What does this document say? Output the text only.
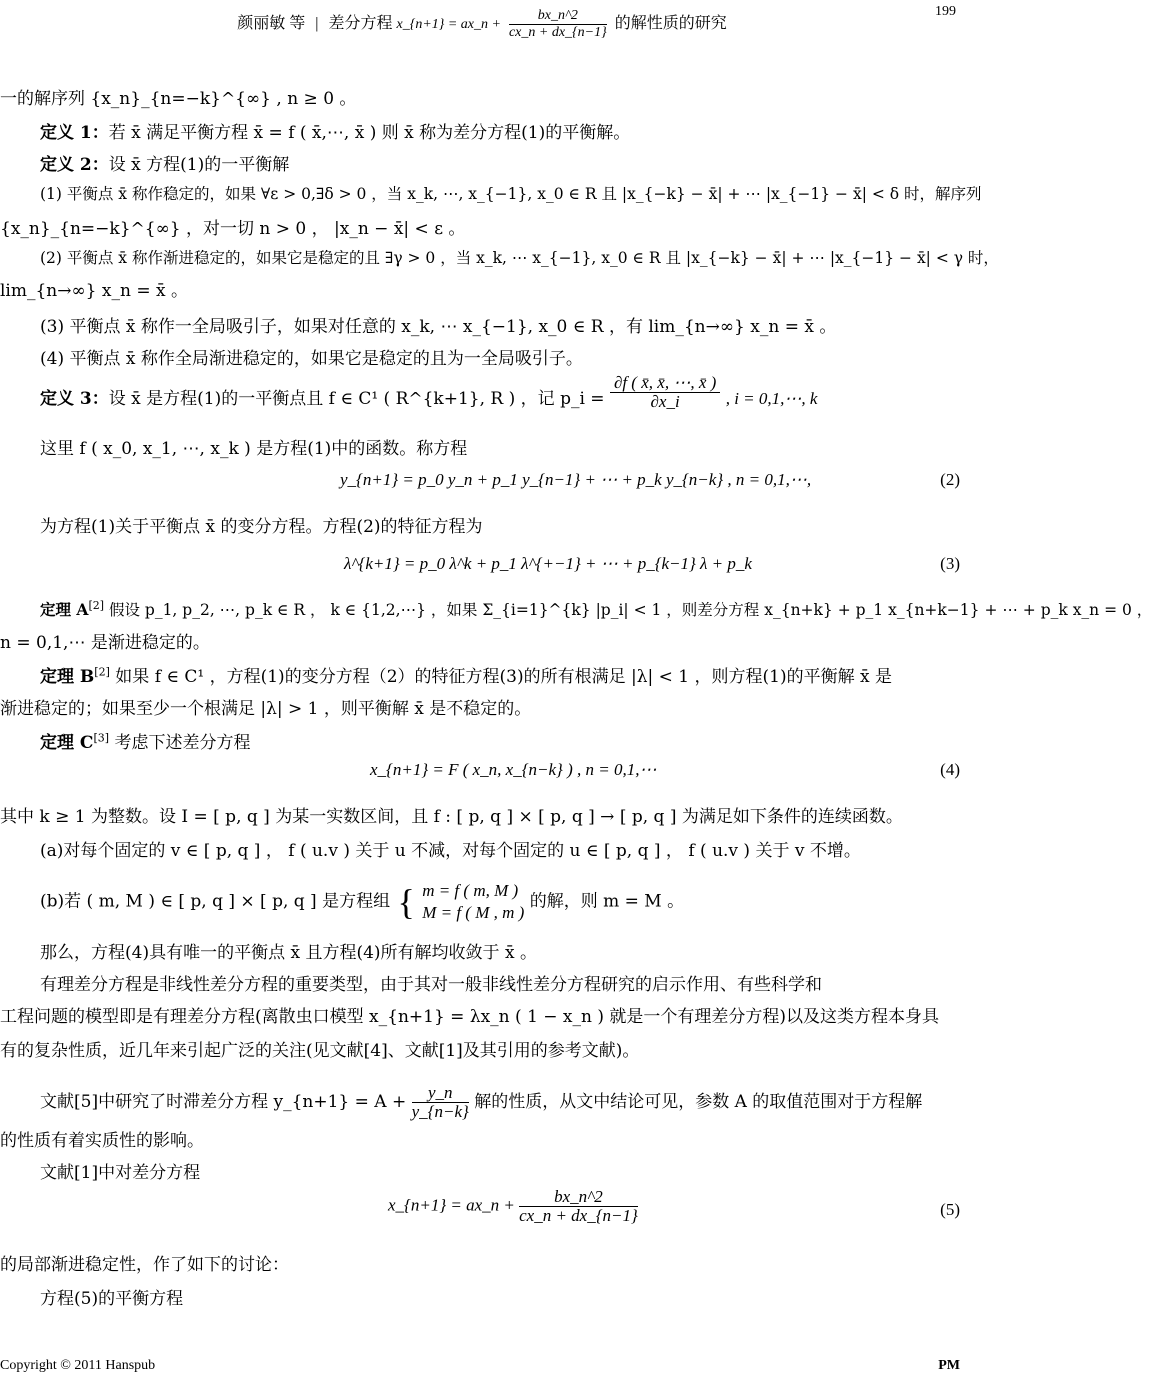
199
颜丽敏 等 | 差分方程 x_{n+1} = ax_n + $\frac{bx\_n\^{}2}{cx\_n + dx\_\{n-1\}}$ 的解性质的研究
一的解序列 {x_n}_{n=−k}^{∞} , n ≥ 0 。
定义 1：若 x̄ 满足平衡方程 x̄ = f ( x̄,⋯, x̄ ) 则 x̄ 称为差分方程(1)的平衡解。
定义 2：设 x̄ 方程(1)的一平衡解
(1) 平衡点 x̄ 称作稳定的，如果 ∀ε > 0,∃δ > 0 ，当 x_k, ⋯, x_{−1}, x_0 ∈ R 且 |x_{−k} − x̄| + ⋯ |x_{−1} − x̄| < δ 时，解序列
{x_n}_{n=−k}^{∞} ，对一切 n > 0 ， |x_n − x̄| < ε 。
(2) 平衡点 x̄ 称作渐进稳定的，如果它是稳定的且 ∃γ > 0 ，当 x_k, ⋯ x_{−1}, x_0 ∈ R 且 |x_{−k} − x̄| + ⋯ |x_{−1} − x̄| < γ 时，
lim_{n→∞} x_n = x̄ 。
(3) 平衡点 x̄ 称作一全局吸引子，如果对任意的 x_k, ⋯ x_{−1}, x_0 ∈ R ，有 lim_{n→∞} x_n = x̄ 。
(4) 平衡点 x̄ 称作全局渐进稳定的，如果它是稳定的且为一全局吸引子。
定义 3：设 x̄ 是方程(1)的一平衡点且 f ∈ C¹ ( R^{k+1}, R ) ，记 p_i = $\frac{\partial f ( x̄, x̄, \cdots, x̄ )}{\partial x\_i}$ , i = 0,1,⋯, k
这里 f ( x_0, x_1, ⋯, x_k ) 是方程(1)中的函数。称方程
y_{n+1} = p_0 y_n + p_1 y_{n−1} + ⋯ + p_k y_{n−k} , n = 0,1,⋯,	(2)
为方程(1)关于平衡点 x̄ 的变分方程。方程(2)的特征方程为
λ^{k+1} = p_0 λ^k + p_1 λ^{+−1} + ⋯ + p_{k−1} λ + p_k	(3)
定理 A[2] 假设 p_1, p_2, ⋯, p_k ∈ R ， k ∈ {1,2,⋯} ，如果 Σ_{i=1}^{k} |p_i| < 1 ，则差分方程 x_{n+k} + p_1 x_{n+k−1} + ⋯ + p_k x_n = 0 ，
n = 0,1,⋯ 是渐进稳定的。
定理 B[2] 如果 f ∈ C¹ ，方程(1)的变分方程（2）的特征方程(3)的所有根满足 |λ| < 1 ，则方程(1)的平衡解 x̄ 是
渐进稳定的；如果至少一个根满足 |λ| > 1 ，则平衡解 x̄ 是不稳定的。
定理 C[3] 考虑下述差分方程
x_{n+1} = F ( x_n, x_{n−k} ) , n = 0,1,⋯	(4)
其中 k ≥ 1 为整数。设 I = [ p, q ] 为某一实数区间，且 f : [ p, q ] × [ p, q ] → [ p, q ] 为满足如下条件的连续函数。
(a)对每个固定的 v ∈ [ p, q ] ， f ( u.v ) 关于 u 不减，对每个固定的 u ∈ [ p, q ] ， f ( u.v ) 关于 v 不增。
(b)若 ( m, M ) ∈ [ p, q ] × [ p, q ] 是方程组 { m = f ( m, M )
M = f ( M , m )
的解，则 m = M 。
那么，方程(4)具有唯一的平衡点 x̄ 且方程(4)所有解均收敛于 x̄ 。
有理差分方程是非线性差分方程的重要类型，由于其对一般非线性差分方程研究的启示作用、有些科学和
工程问题的模型即是有理差分方程(离散虫口模型 x_{n+1} = λx_n ( 1 − x_n ) 就是一个有理差分方程)以及这类方程本身具
有的复杂性质，近几年来引起广泛的关注(见文献[4]、文献[1]及其引用的参考文献)。
文献[5]中研究了时滞差分方程 y_{n+1} = $A + \frac{y\_n}{y\_\{n-k\}}$ 解的性质，从文中结论可见，参数 A 的取值范围对于方程解
的性质有着实质性的影响。
文献[1]中对差分方程
x_{n+1} = ax_n + $\frac{bx\_n\^{}2}{cx\_n + dx\_\{n-1\}}$	(5)
的局部渐进稳定性，作了如下的讨论：
方程(5)的平衡方程
Copyright © 2011 Hanspub	PM
